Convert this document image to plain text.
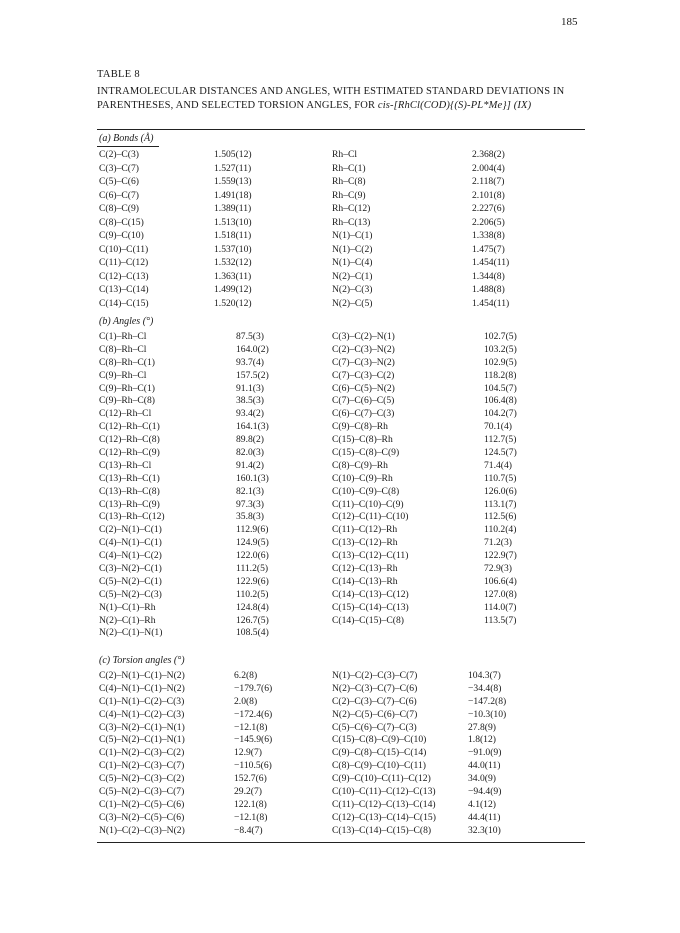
185
TABLE 8
INTRAMOLECULAR DISTANCES AND ANGLES, WITH ESTIMATED STANDARD DEVIATIONS IN PARENTHESES, AND SELECTED TORSION ANGLES, FOR cis-[RhCl(COD){(S)-PL*Me}] (IX)
(a) Bonds (Å)
C(2)–C(3)	1.505(12)	Rh–Cl	2.368(2)
C(3)–C(7)	1.527(11)	Rh–C(1)	2.004(4)
C(5)–C(6)	1.559(13)	Rh–C(8)	2.118(7)
C(6)–C(7)	1.491(18)	Rh–C(9)	2.101(8)
C(8)–C(9)	1.389(11)	Rh–C(12)	2.227(6)
C(8)–C(15)	1.513(10)	Rh–C(13)	2.206(5)
C(9)–C(10)	1.518(11)	N(1)–C(1)	1.338(8)
C(10)–C(11)	1.537(10)	N(1)–C(2)	1.475(7)
C(11)–C(12)	1.532(12)	N(1)–C(4)	1.454(11)
C(12)–C(13)	1.363(11)	N(2)–C(1)	1.344(8)
C(13)–C(14)	1.499(12)	N(2)–C(3)	1.488(8)
C(14)–C(15)	1.520(12)	N(2)–C(5)	1.454(11)
(b) Angles (°)
C(1)–Rh–Cl	87.5(3)	C(3)–C(2)–N(1)	102.7(5)
C(8)–Rh–Cl	164.0(2)	C(2)–C(3)–N(2)	103.2(5)
C(8)–Rh–C(1)	93.7(4)	C(7)–C(3)–N(2)	102.9(5)
C(9)–Rh–Cl	157.5(2)	C(7)–C(3)–C(2)	118.2(8)
C(9)–Rh–C(1)	91.1(3)	C(6)–C(5)–N(2)	104.5(7)
C(9)–Rh–C(8)	38.5(3)	C(7)–C(6)–C(5)	106.4(8)
C(12)–Rh–Cl	93.4(2)	C(6)–C(7)–C(3)	104.2(7)
C(12)–Rh–C(1)	164.1(3)	C(9)–C(8)–Rh	70.1(4)
C(12)–Rh–C(8)	89.8(2)	C(15)–C(8)–Rh	112.7(5)
C(12)–Rh–C(9)	82.0(3)	C(15)–C(8)–C(9)	124.5(7)
C(13)–Rh–Cl	91.4(2)	C(8)–C(9)–Rh	71.4(4)
C(13)–Rh–C(1)	160.1(3)	C(10)–C(9)–Rh	110.7(5)
C(13)–Rh–C(8)	82.1(3)	C(10)–C(9)–C(8)	126.0(6)
C(13)–Rh–C(9)	97.3(3)	C(11)–C(10)–C(9)	113.1(7)
C(13)–Rh–C(12)	35.8(3)	C(12)–C(11)–C(10)	112.5(6)
C(2)–N(1)–C(1)	112.9(6)	C(11)–C(12)–Rh	110.2(4)
C(4)–N(1)–C(1)	124.9(5)	C(13)–C(12)–Rh	71.2(3)
C(4)–N(1)–C(2)	122.0(6)	C(13)–C(12)–C(11)	122.9(7)
C(3)–N(2)–C(1)	111.2(5)	C(12)–C(13)–Rh	72.9(3)
C(5)–N(2)–C(1)	122.9(6)	C(14)–C(13)–Rh	106.6(4)
C(5)–N(2)–C(3)	110.2(5)	C(14)–C(13)–C(12)	127.0(8)
N(1)–C(1)–Rh	124.8(4)	C(15)–C(14)–C(13)	114.0(7)
N(2)–C(1)–Rh	126.7(5)	C(14)–C(15)–C(8)	113.5(7)
N(2)–C(1)–N(1)	108.5(4)
(c) Torsion angles (°)
C(2)–N(1)–C(1)–N(2)	6.2(8)	N(1)–C(2)–C(3)–C(7)	104.3(7)
C(4)–N(1)–C(1)–N(2)	−179.7(6)	N(2)–C(3)–C(7)–C(6)	−34.4(8)
C(1)–N(1)–C(2)–C(3)	2.0(8)	C(2)–C(3)–C(7)–C(6)	−147.2(8)
C(4)–N(1)–C(2)–C(3)	−172.4(6)	N(2)–C(5)–C(6)–C(7)	−10.3(10)
C(3)–N(2)–C(1)–N(1)	−12.1(8)	C(5)–C(6)–C(7)–C(3)	27.8(9)
C(5)–N(2)–C(1)–N(1)	−145.9(6)	C(15)–C(8)–C(9)–C(10)	1.8(12)
C(1)–N(2)–C(3)–C(2)	12.9(7)	C(9)–C(8)–C(15)–C(14)	−91.0(9)
C(1)–N(2)–C(3)–C(7)	−110.5(6)	C(8)–C(9)–C(10)–C(11)	44.0(11)
C(5)–N(2)–C(3)–C(2)	152.7(6)	C(9)–C(10)–C(11)–C(12)	34.0(9)
C(5)–N(2)–C(3)–C(7)	29.2(7)	C(10)–C(11)–C(12)–C(13)	−94.4(9)
C(1)–N(2)–C(5)–C(6)	122.1(8)	C(11)–C(12)–C(13)–C(14)	4.1(12)
C(3)–N(2)–C(5)–C(6)	−12.1(8)	C(12)–C(13)–C(14)–C(15)	44.4(11)
N(1)–C(2)–C(3)–N(2)	−8.4(7)	C(13)–C(14)–C(15)–C(8)	32.3(10)
